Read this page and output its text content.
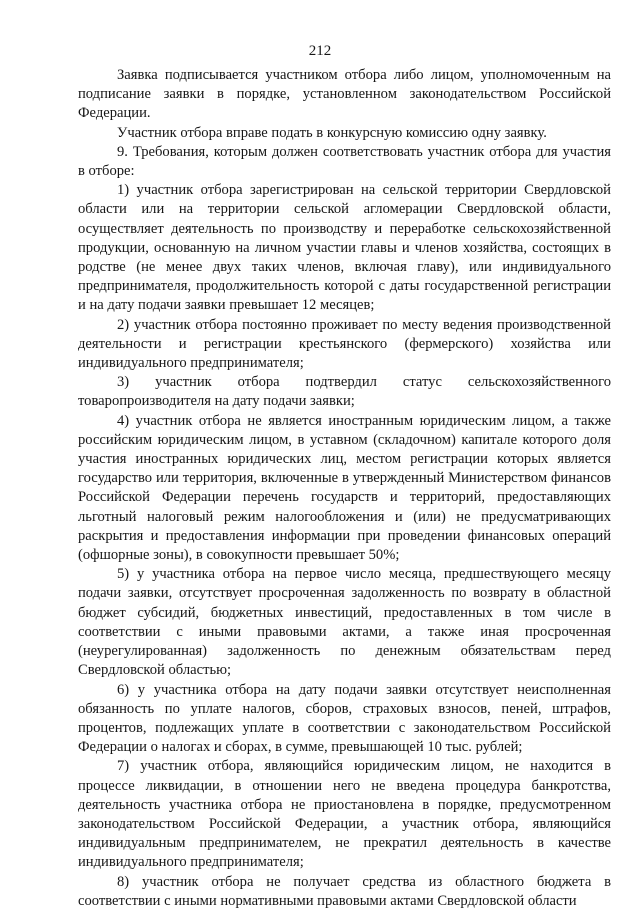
212

Заявка подписывается участником отбора либо лицом, уполномоченным на подписание заявки в порядке, установленном законодательством Российской Федерации.

Участник отбора вправе подать в конкурсную комиссию одну заявку.

9. Требования, которым должен соответствовать участник отбора для участия в отборе:

1) участник отбора зарегистрирован на сельской территории Свердловской области или на территории сельской агломерации Свердловской области, осуществляет деятельность по производству и переработке сельскохозяйственной продукции, основанную на личном участии главы и членов хозяйства, состоящих в родстве (не менее двух таких членов, включая главу), или индивидуального предпринимателя, продолжительность которой с даты государственной регистрации и на дату подачи заявки превышает 12 месяцев;

2) участник отбора постоянно проживает по месту ведения производственной деятельности и регистрации крестьянского (фермерского) хозяйства или индивидуального предпринимателя;

3) участник отбора подтвердил статус сельскохозяйственного товаропроизводителя на дату подачи заявки;

4) участник отбора не является иностранным юридическим лицом, а также российским юридическим лицом, в уставном (складочном) капитале которого доля участия иностранных юридических лиц, местом регистрации которых является государство или территория, включенные в утвержденный Министерством финансов Российской Федерации перечень государств и территорий, предоставляющих льготный налоговый режим налогообложения и (или) не предусматривающих раскрытия и предоставления информации при проведении финансовых операций (офшорные зоны), в совокупности превышает 50%;

5) у участника отбора на первое число месяца, предшествующего месяцу подачи заявки, отсутствует просроченная задолженность по возврату в областной бюджет субсидий, бюджетных инвестиций, предоставленных в том числе в соответствии с иными правовыми актами, а также иная просроченная (неурегулированная) задолженность по денежным обязательствам перед Свердловской областью;

6) у участника отбора на дату подачи заявки отсутствует неисполненная обязанность по уплате налогов, сборов, страховых взносов, пеней, штрафов, процентов, подлежащих уплате в соответствии с законодательством Российской Федерации о налогах и сборах, в сумме, превышающей 10 тыс. рублей;

7) участник отбора, являющийся юридическим лицом, не находится в процессе ликвидации, в отношении него не введена процедура банкротства, деятельность участника отбора не приостановлена в порядке, предусмотренном законодательством Российской Федерации, а участник отбора, являющийся индивидуальным предпринимателем, не прекратил деятельность в качестве индивидуального предпринимателя;

8) участник отбора не получает средства из областного бюджета в соответствии с иными нормативными правовыми актами Свердловской области
